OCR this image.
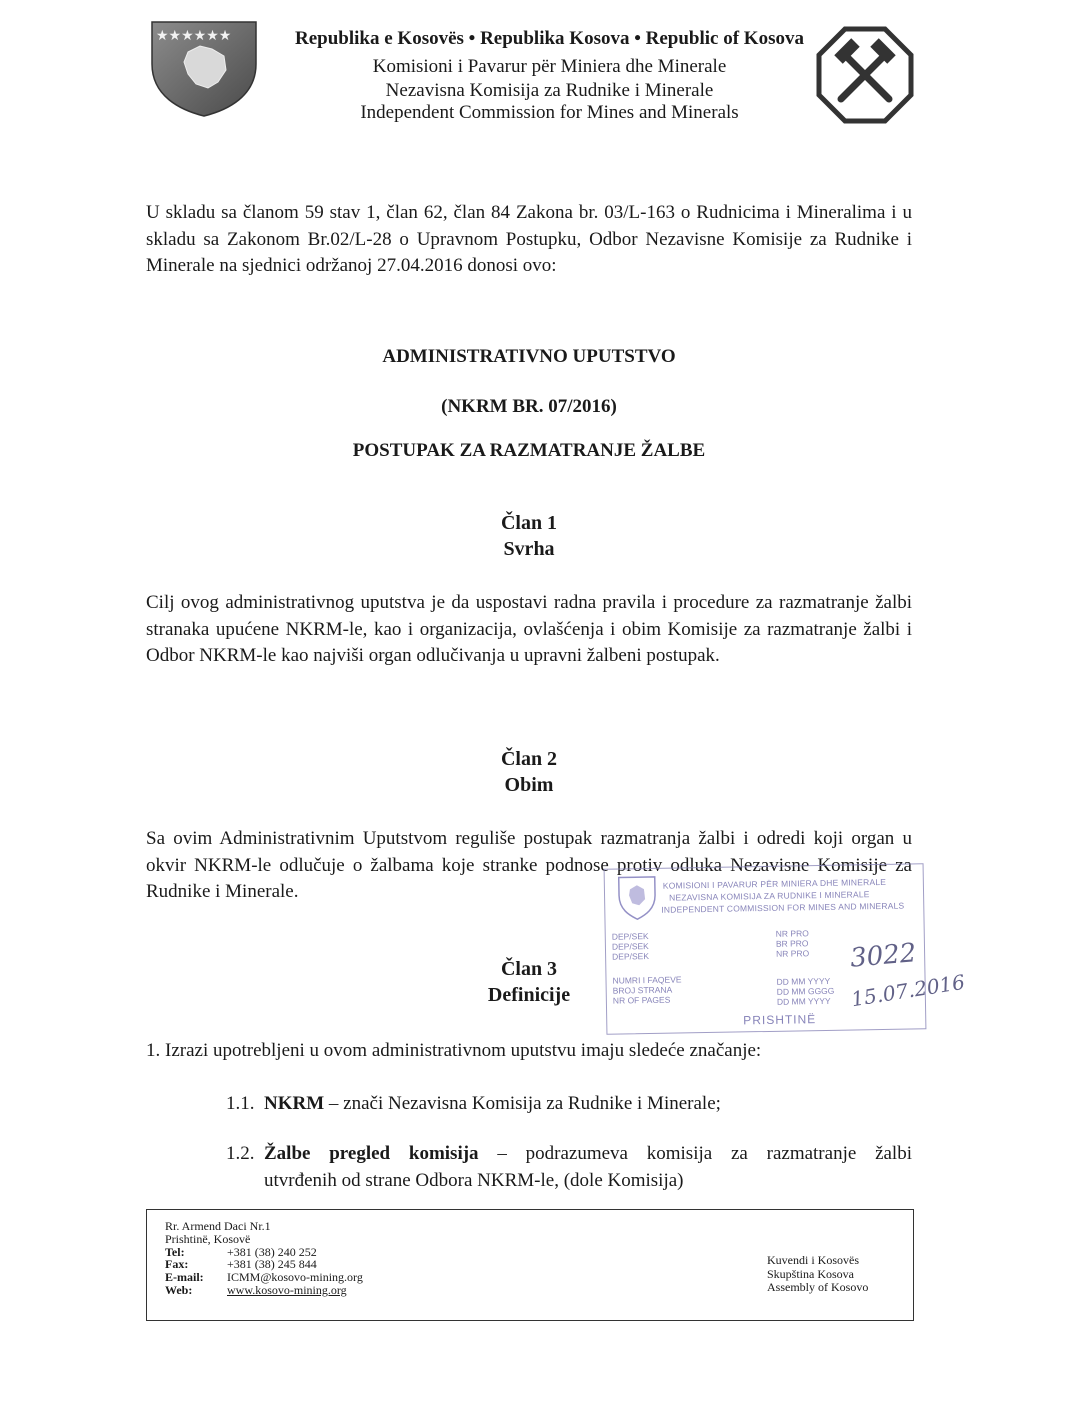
★★★★★★	Republika e Kosovës • Republika Kosova • Republic of Kosova
Komisioni i Pavarur për Miniera dhe Minerale
Nezavisna Komisija za Rudnike i Minerale
Independent Commission for Mines and Minerals
U skladu sa članom 59 stav 1, član 62, član 84 Zakona br. 03/L-163 o Rudnicima i Mineralima i u skladu sa Zakonom Br.02/L-28 o Upravnom Postupku, Odbor Nezavisne Komisije za Rudnike i Minerale na sjednici održanoj 27.04.2016 donosi ovo:
ADMINISTRATIVNO UPUTSTVO
(NKRM BR. 07/2016)
POSTUPAK ZA RAZMATRANJE ŽALBE
Član 1
Svrha
Cilj ovog administrativnog uputstva je da uspostavi radna pravila i procedure za razmatranje žalbi stranaka upućene NKRM-le, kao i organizacija, ovlašćenja i obim Komisije za razmatranje žalbi i Odbor NKRM-le kao najviši organ odlučivanja u upravni žalbeni postupak.
Član 2
Obim
Sa ovim Administrativnim Uputstvom reguliše postupak razmatranja žalbi i odredi koji organ u okvir NKRM-le odlučuje o žalbama koje stranke podnose protiv odluka Nezavisne Komisije za Rudnike i Minerale.
Član 3
Definicije
1. Izrazi upotrebljeni u ovom administrativnom uputstvu imaju sledeće značanje:
1.1. NKRM – znači Nezavisna Komisija za Rudnike i Minerale;
1.2. Žalbe pregled komisija – podrazumeva komisija za razmatranje žalbi
utvrđenih od strane Odbora NKRM-le, (dole Komisija)
KOMISIONI I PAVARUR PËR MINIERA DHE MINERALE
NEZAVISNA KOMISIJA ZA RUDNIKE I MINERALE
INDEPENDENT COMMISSION FOR MINES AND MINERALS
DEP/SEK
DEP/SEK
DEP/SEK
NR PRO
BR PRO
NR PRO
NUMRI I FAQEVE
BROJ STRANA
NR OF PAGES
DD MM YYYY
DD MM GGGG
DD MM YYYY
PRISHTINË
3022
15.07.2016
Rr. Armend Daci Nr.1
Prishtinë, Kosovë
Tel:	+381 (38) 240 252
Fax:	+381 (38) 245 844
E-mail: ICMM@kosovo-mining.org
Web:	www.kosovo-mining.org
Kuvendi i Kosovës
Skupština Kosova
Assembly of Kosovo
